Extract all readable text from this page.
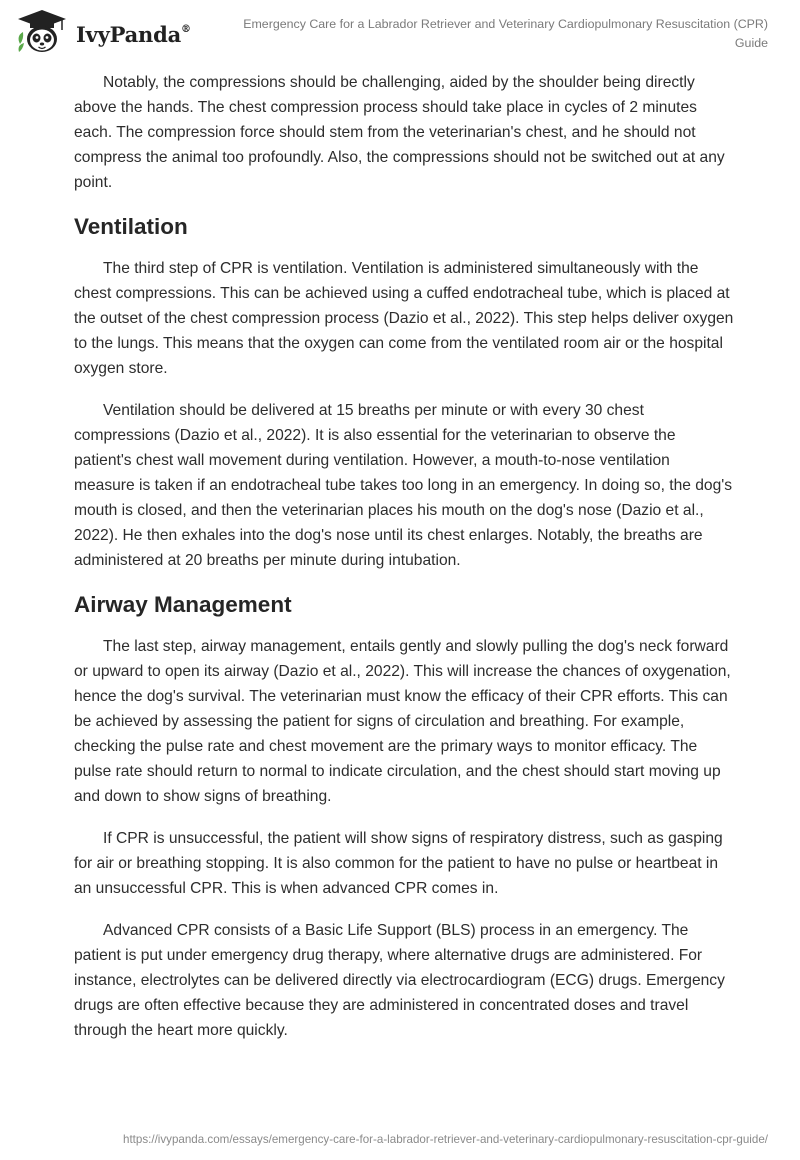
IvyPanda®	Emergency Care for a Labrador Retriever and Veterinary Cardiopulmonary Resuscitation (CPR) Guide

Notably, the compressions should be challenging, aided by the shoulder being directly above the hands. The chest compression process should take place in cycles of 2 minutes each. The compression force should stem from the veterinarian's chest, and he should not compress the animal too profoundly. Also, the compressions should not be switched out at any point.

Ventilation

The third step of CPR is ventilation. Ventilation is administered simultaneously with the chest compressions. This can be achieved using a cuffed endotracheal tube, which is placed at the outset of the chest compression process (Dazio et al., 2022). This step helps deliver oxygen to the lungs. This means that the oxygen can come from the ventilated room air or the hospital oxygen store.

Ventilation should be delivered at 15 breaths per minute or with every 30 chest compressions (Dazio et al., 2022). It is also essential for the veterinarian to observe the patient's chest wall movement during ventilation. However, a mouth-to-nose ventilation measure is taken if an endotracheal tube takes too long in an emergency. In doing so, the dog's mouth is closed, and then the veterinarian places his mouth on the dog's nose (Dazio et al., 2022). He then exhales into the dog's nose until its chest enlarges. Notably, the breaths are administered at 20 breaths per minute during intubation.

Airway Management

The last step, airway management, entails gently and slowly pulling the dog's neck forward or upward to open its airway (Dazio et al., 2022). This will increase the chances of oxygenation, hence the dog's survival. The veterinarian must know the efficacy of their CPR efforts. This can be achieved by assessing the patient for signs of circulation and breathing. For example, checking the pulse rate and chest movement are the primary ways to monitor efficacy. The pulse rate should return to normal to indicate circulation, and the chest should start moving up and down to show signs of breathing.

If CPR is unsuccessful, the patient will show signs of respiratory distress, such as gasping for air or breathing stopping. It is also common for the patient to have no pulse or heartbeat in an unsuccessful CPR. This is when advanced CPR comes in.

Advanced CPR consists of a Basic Life Support (BLS) process in an emergency. The patient is put under emergency drug therapy, where alternative drugs are administered. For instance, electrolytes can be delivered directly via electrocardiogram (ECG) drugs. Emergency drugs are often effective because they are administered in concentrated doses and travel through the heart more quickly.

https://ivypanda.com/essays/emergency-care-for-a-labrador-retriever-and-veterinary-cardiopulmonary-resuscitation-cpr-guide/
